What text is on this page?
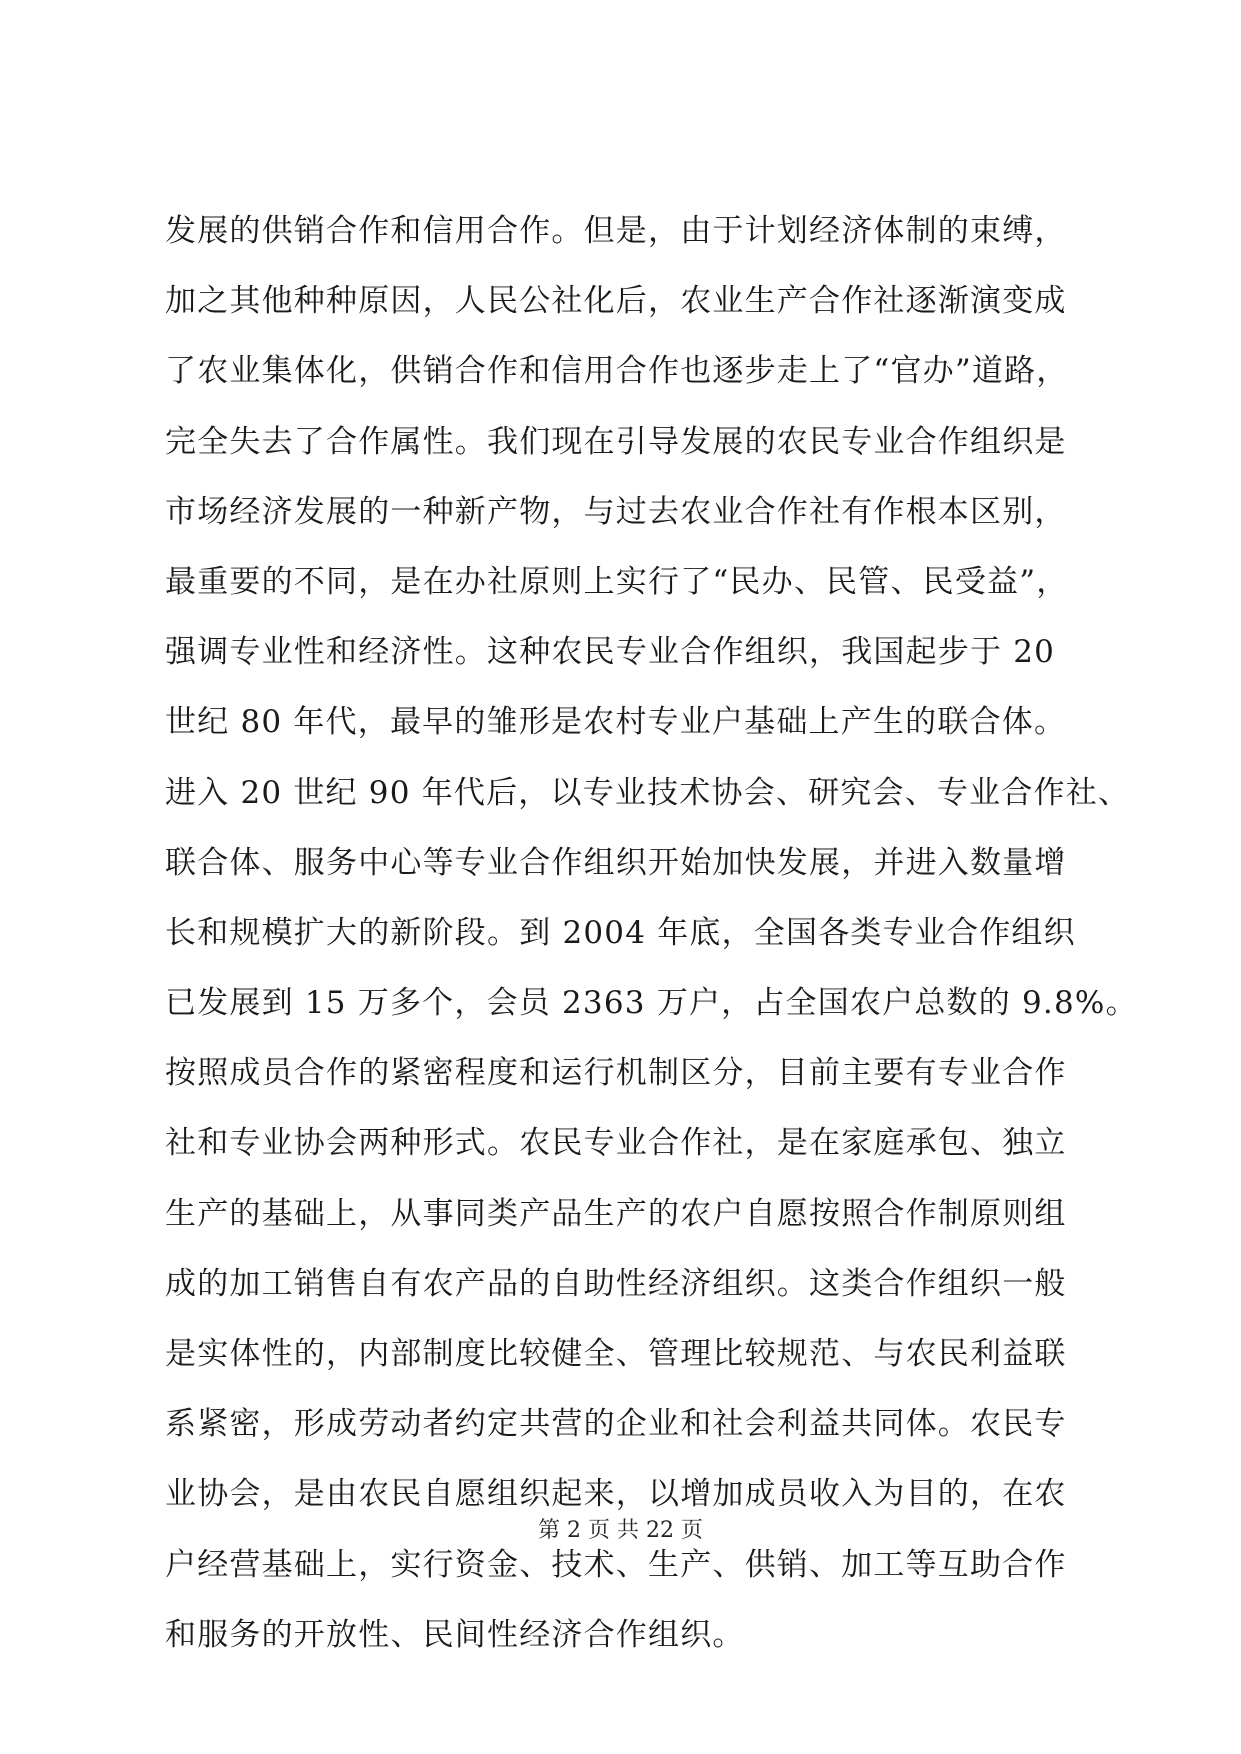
发展的供销合作和信用合作。但是，由于计划经济体制的束缚，
加之其他种种原因，人民公社化后，农业生产合作社逐渐演变成
了农业集体化，供销合作和信用合作也逐步走上了“官办”道路，
完全失去了合作属性。我们现在引导发展的农民专业合作组织是
市场经济发展的一种新产物，与过去农业合作社有作根本区别，
最重要的不同，是在办社原则上实行了“民办、民管、民受益”，
强调专业性和经济性。这种农民专业合作组织，我国起步于 20
世纪 80 年代，最早的雏形是农村专业户基础上产生的联合体。
进入 20 世纪 90 年代后，以专业技术协会、研究会、专业合作社、
联合体、服务中心等专业合作组织开始加快发展，并进入数量增
长和规模扩大的新阶段。到 2004 年底，全国各类专业合作组织
已发展到 15 万多个，会员 2363 万户，占全国农户总数的 9.8%。
按照成员合作的紧密程度和运行机制区分，目前主要有专业合作
社和专业协会两种形式。农民专业合作社，是在家庭承包、独立
生产的基础上，从事同类产品生产的农户自愿按照合作制原则组
成的加工销售自有农产品的自助性经济组织。这类合作组织一般
是实体性的，内部制度比较健全、管理比较规范、与农民利益联
系紧密，形成劳动者约定共营的企业和社会利益共同体。农民专
业协会，是由农民自愿组织起来，以增加成员收入为目的，在农
户经营基础上，实行资金、技术、生产、供销、加工等互助合作
和服务的开放性、民间性经济合作组织。
第 2 页 共 22 页
